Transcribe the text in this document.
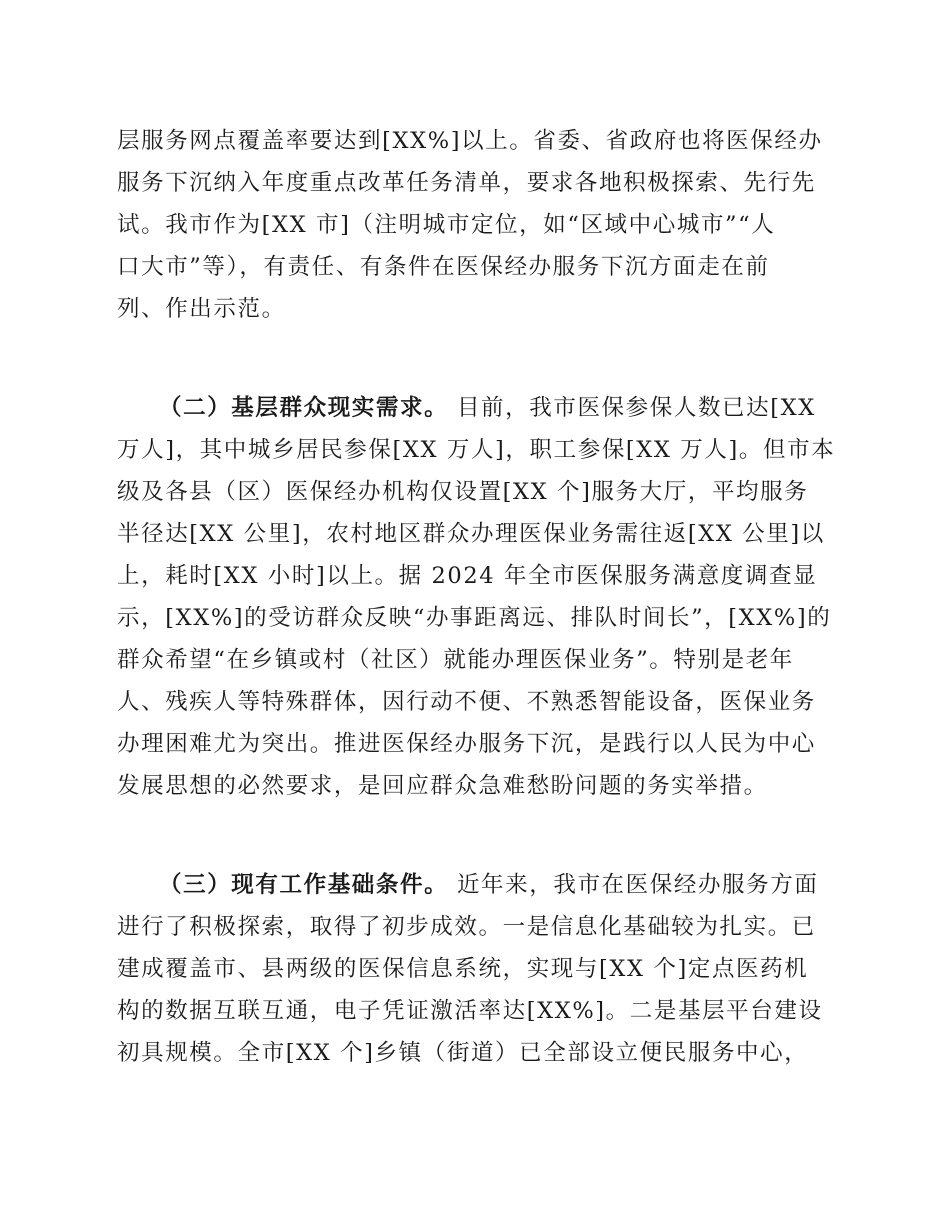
层服务网点覆盖率要达到[XX%]以上。省委、省政府也将医保经办
服务下沉纳入年度重点改革任务清单，要求各地积极探索、先行先
试。我市作为[XX 市]（注明城市定位，如“区域中心城市”“人
口大市”等），有责任、有条件在医保经办服务下沉方面走在前
列、作出示范。
（二）基层群众现实需求。 目前，我市医保参保人数已达[XX
万人]，其中城乡居民参保[XX 万人]，职工参保[XX 万人]。但市本
级及各县（区）医保经办机构仅设置[XX 个]服务大厅，平均服务
半径达[XX 公里]，农村地区群众办理医保业务需往返[XX 公里]以
上，耗时[XX 小时]以上。据 2024 年全市医保服务满意度调查显
示，[XX%]的受访群众反映“办事距离远、排队时间长”，[XX%]的
群众希望“在乡镇或村（社区）就能办理医保业务”。特别是老年
人、残疾人等特殊群体，因行动不便、不熟悉智能设备，医保业务
办理困难尤为突出。推进医保经办服务下沉，是践行以人民为中心
发展思想的必然要求，是回应群众急难愁盼问题的务实举措。
（三）现有工作基础条件。 近年来，我市在医保经办服务方面
进行了积极探索，取得了初步成效。一是信息化基础较为扎实。已
建成覆盖市、县两级的医保信息系统，实现与[XX 个]定点医药机
构的数据互联互通，电子凭证激活率达[XX%]。二是基层平台建设
初具规模。全市[XX 个]乡镇（街道）已全部设立便民服务中心，
